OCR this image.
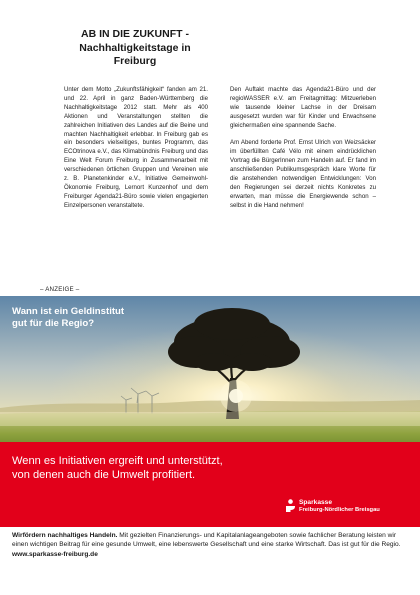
AB IN DIE ZUKUNFT -
Nachhaltigkeitstage in
Freiburg

Unter dem Motto „Zukunftsfähigkeit“ fanden am 21. und 22. April in ganz Baden-Württemberg die Nachhaltigkeitstage 2012 statt. Mehr als 400 Aktionen und Veranstaltungen stellten die zahlreichen Initiativen des Landes auf die Beine und machten Nachhaltigkeit erlebbar. In Freiburg gab es ein besonders vielseitiges, buntes Programm, das ECOtrinova e.V., das Klimabündnis Freiburg und das Eine Welt Forum Freiburg in Zusammenarbeit mit verschiedenen örtlichen Gruppen und Vereinen wie z. B. Planetenkinder e.V., Initiative Gemeinwohl-Ökonomie Freiburg, Lernort Kunzenhof und dem Freiburger Agenda21-Büro sowie vielen engagierten Einzelpersonen veranstaltete.

Den Auftakt machte das Agenda21-Büro und der regioWASSER e.V. am Freitagmittag: Mitzuerleben wie tausende kleiner Lachse in der Dreisam ausgesetzt wurden war für Kinder und Erwachsene gleichermaßen eine spannende Sache.

Am Abend forderte Prof. Ernst Ulrich von Weizsäcker im überfüllten Café Vélo mit einem eindrücklichen Vortrag die BürgerInnen zum Handeln auf. Er fand im anschließenden Publikumsgespräch klare Worte für die anstehenden notwendigen Entwicklungen: Von den Regierungen sei derzeit nichts Konkretes zu erwarten, man müsse die Energiewende schon – selbst in die Hand nehmen!

– ANZEIGE –
Wann ist ein Geldinstitut
gut für die Regio?
Wenn es Initiativen ergreift und unterstützt,
von denen auch die Umwelt profitiert.
Sparkasse
Freiburg-Nördlicher Breisgau
Wirfördern nachhaltiges Handeln. Mit gezielten Finanzierungs- und Kapitalanlageangeboten sowie fachlicher Beratung leisten wir einen wichtigen Beitrag für eine gesunde Umwelt, eine lebenswerte Gesellschaft und eine starke Wirtschaft. Das ist gut für die Regio. www.sparkasse-freiburg.de
